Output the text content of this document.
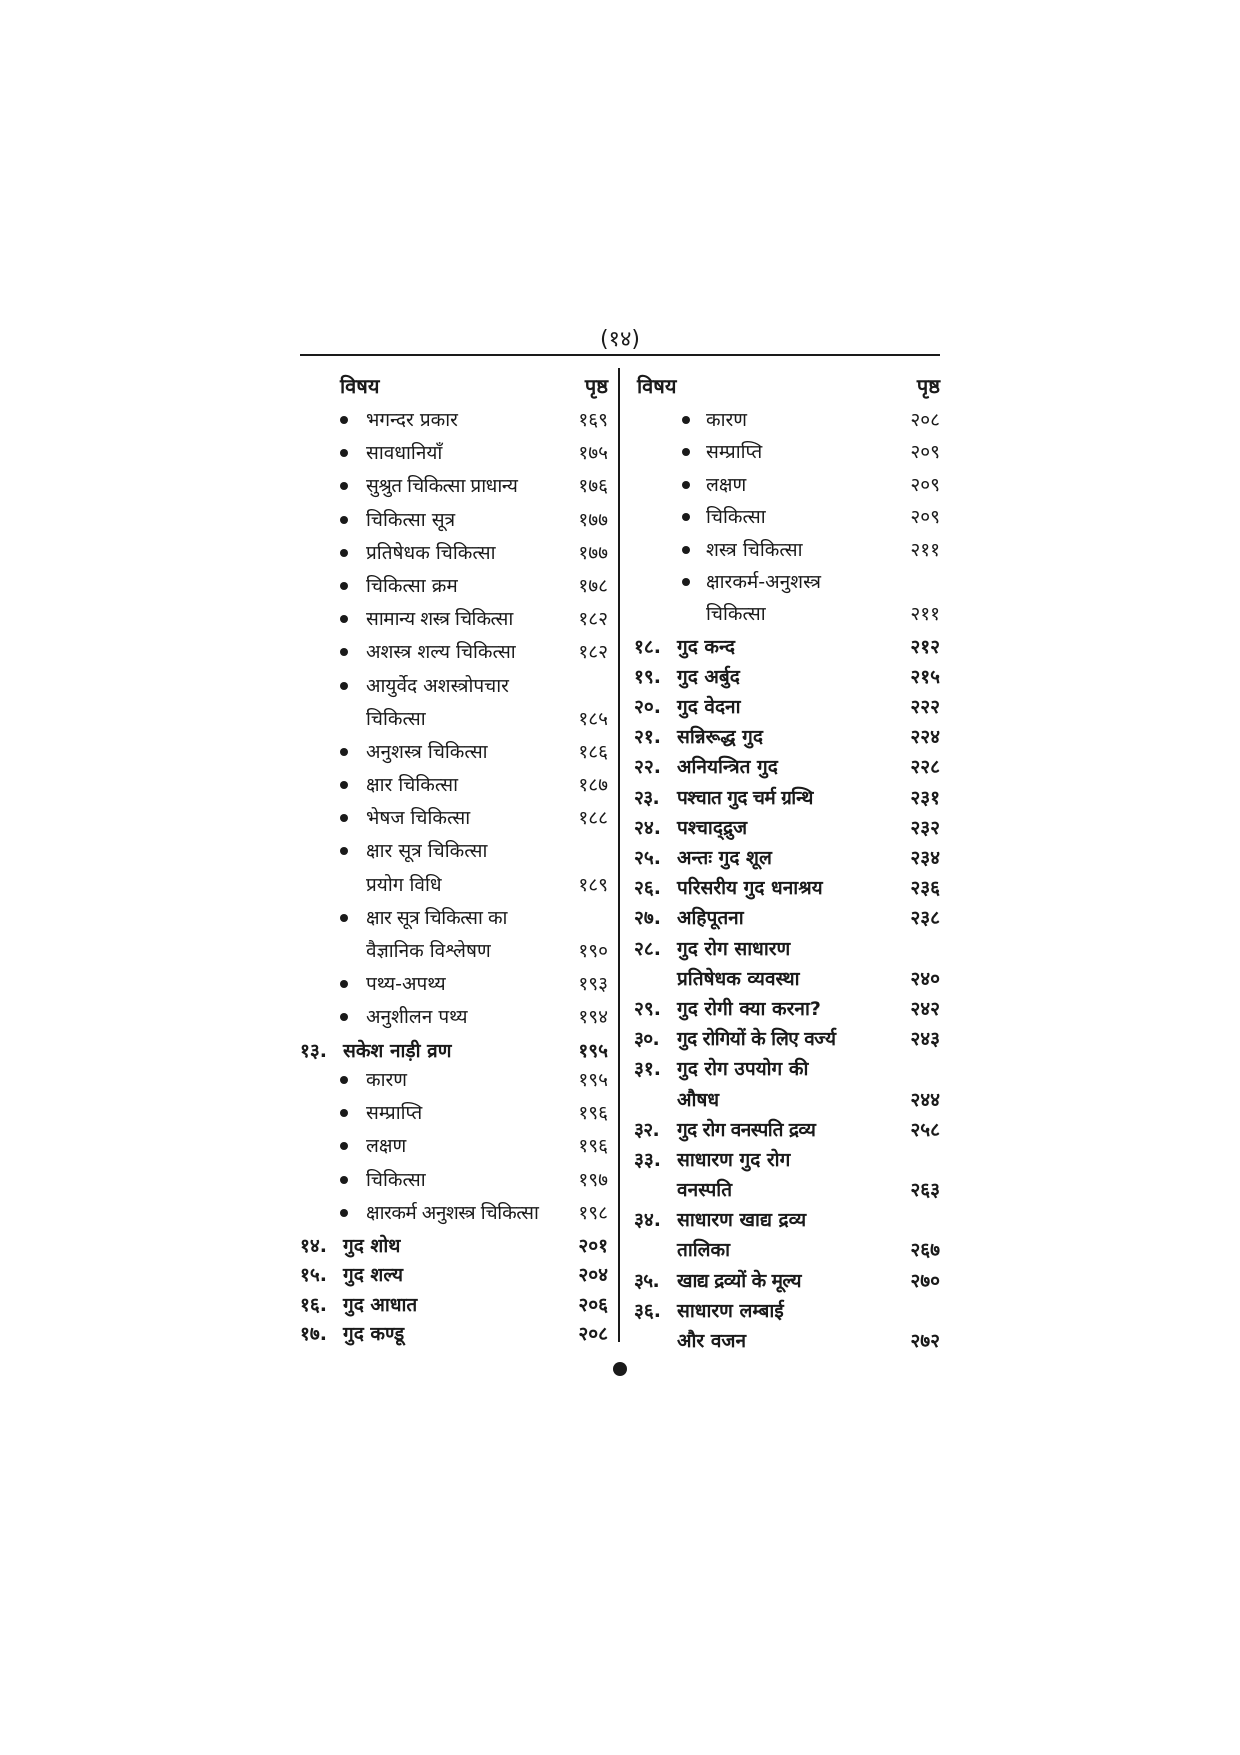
(१४)
विषय	पृष्ठ
भगन्दर प्रकार	१६९
सावधानियाँ	१७५
सुश्रुत चिकित्सा प्राधान्य	१७६
चिकित्सा सूत्र	१७७
प्रतिषेधक चिकित्सा	१७७
चिकित्सा क्रम	१७८
सामान्य शस्त्र चिकित्सा	१८२
अशस्त्र शल्य चिकित्सा	१८२
आयुर्वेद अशस्त्रोपचार
चिकित्सा	१८५
अनुशस्त्र चिकित्सा	१८६
क्षार चिकित्सा	१८७
भेषज चिकित्सा	१८८
क्षार सूत्र चिकित्सा
प्रयोग विधि	१८९
क्षार सूत्र चिकित्सा का
वैज्ञानिक विश्लेषण	१९०
पथ्य-अपथ्य	१९३
अनुशीलन पथ्य	१९४
१३. सकेश नाड़ी व्रण	१९५
कारण	१९५
सम्प्राप्ति	१९६
लक्षण	१९६
चिकित्सा	१९७
क्षारकर्म अनुशस्त्र चिकित्सा १९८
१४. गुद शोथ	२०१
१५. गुद शल्य	२०४
१६. गुद आधात	२०६
१७. गुद कण्डू	२०८
विषय	पृष्ठ
कारण	२०८
सम्प्राप्ति	२०९
लक्षण	२०९
चिकित्सा	२०९
शस्त्र चिकित्सा	२११
क्षारकर्म-अनुशस्त्र
चिकित्सा	२११
१८. गुद कन्द	२१२
१९. गुद अर्बुद	२१५
२०. गुद वेदना	२२२
२१. सन्निरूद्ध गुद	२२४
२२. अनियन्त्रित गुद	२२८
२३. पश्चात गुद चर्म ग्रन्थि	२३१
२४. पश्चाद्द्रुज	२३२
२५. अन्तः गुद शूल	२३४
२६. परिसरीय गुद धनाश्रय	२३६
२७. अहिपूतना	२३८
२८. गुद रोग साधारण
प्रतिषेधक व्यवस्था	२४०
२९. गुद रोगी क्या करना?	२४२
३०. गुद रोगियों के लिए वर्ज्य	२४३
३१. गुद रोग उपयोग की
औषध	२४४
३२. गुद रोग वनस्पति द्रव्य	२५८
३३. साधारण गुद रोग
वनस्पति	२६३
३४. साधारण खाद्य द्रव्य
तालिका	२६७
३५. खाद्य द्रव्यों के मूल्य	२७०
३६. साधारण लम्बाई
और वजन	२७२
